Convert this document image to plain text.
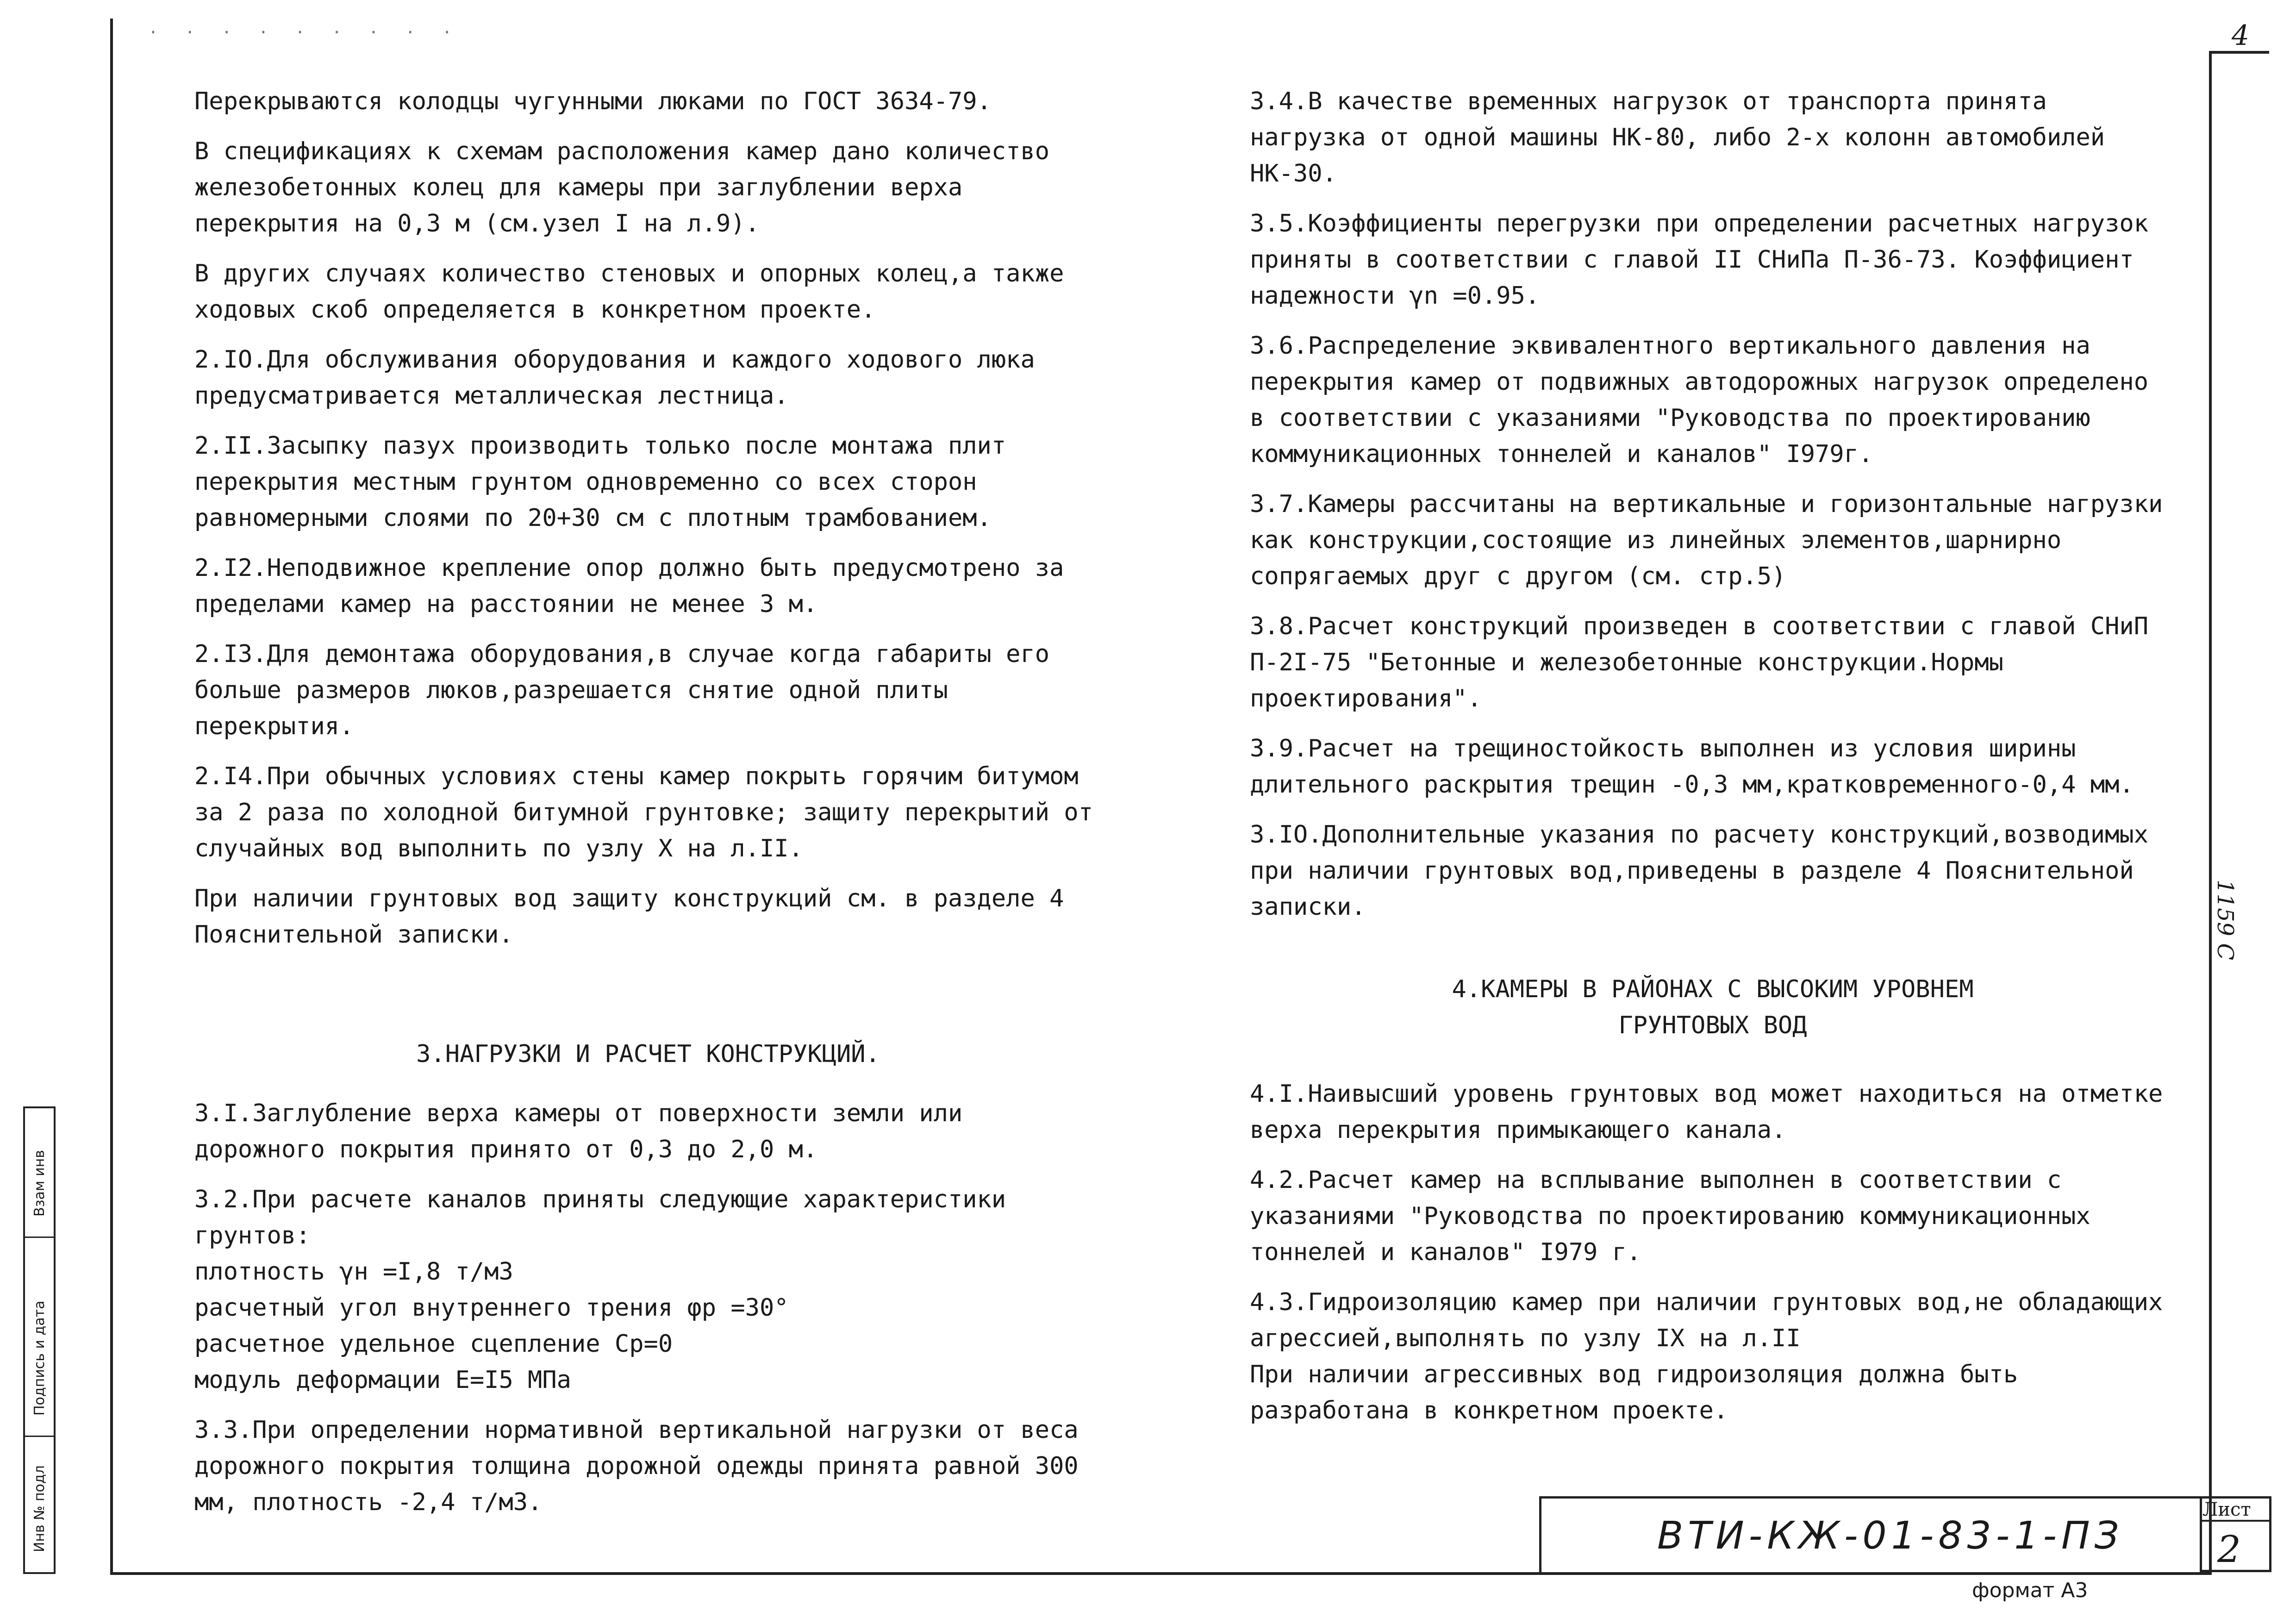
. . . . . . . . .	4
1159 C
Взам инв
Подпись и дата
Инв № подл

Перекрываются колодцы чугунными люками по ГОСТ 3634-79.

В спецификациях к схемам расположения камер дано количество железобетонных колец для камеры при заглублении верха перекрытия на 0,3 м (см.узел I на л.9).

В других случаях количество стеновых и опорных колец,а также ходовых скоб определяется в конкретном проекте.

2.IO.Для обслуживания оборудования и каждого ходового люка предусматривается металлическая лестница.

2.II.Засыпку пазух производить только после монтажа плит перекрытия местным грунтом одновременно со всех сторон равномерными слоями по 20+30 см с плотным трамбованием.

2.I2.Неподвижное крепление опор должно быть предусмотрено за пределами камер на расстоянии не менее 3 м.

2.I3.Для демонтажа оборудования,в случае когда габариты его больше размеров люков,разрешается снятие одной плиты перекрытия.

2.I4.При обычных условиях стены камер покрыть горячим битумом за 2 раза по холодной битумной грунтовке; защиту перекрытий от случайных вод выполнить по узлу X на л.II.

При наличии грунтовых вод защиту конструкций см. в разделе 4 Пояснительной записки.

3.НАГРУЗКИ И РАСЧЕТ КОНСТРУКЦИЙ.

3.I.Заглубление верха камеры от поверхности земли или дорожного покрытия принято от 0,3 до 2,0 м.

3.2.При расчете каналов приняты следующие характеристики грунтов:
плотность γн =I,8 т/м3
расчетный угол внутреннего трения φр =30°
расчетное удельное сцепление Ср=0
модуль деформации E=I5 МПа

3.3.При определении нормативной вертикальной нагрузки от веса дорожного покрытия толщина дорожной одежды принята равной 300 мм, плотность -2,4 т/м3.

3.4.В качестве временных нагрузок от транспорта принята нагрузка от одной машины НК-80, либо 2-х колонн автомобилей НК-30.

3.5.Коэффициенты перегрузки при определении расчетных нагрузок приняты в соответствии с главой II СНиПа П-36-73. Коэффициент надежности γn =0.95.

3.6.Распределение эквивалентного вертикального давления на перекрытия камер от подвижных автодорожных нагрузок определено в соответствии с указаниями "Руководства по проектированию коммуникационных тоннелей и каналов" I979г.

3.7.Камеры рассчитаны на вертикальные и горизонтальные нагрузки как конструкции,состоящие из линейных элементов,шарнирно сопрягаемых друг с другом (см. стр.5)

3.8.Расчет конструкций произведен в соответствии с главой СНиП П-2I-75 "Бетонные и железобетонные конструкции.Нормы проектирования".

3.9.Расчет на трещиностойкость выполнен из условия ширины длительного раскрытия трещин -0,3 мм,кратковременного-0,4 мм.

3.IO.Дополнительные указания по расчету конструкций,возводимых при наличии грунтовых вод,приведены в разделе 4 Пояснительной записки.

4.КАМЕРЫ В РАЙОНАХ С ВЫСОКИМ УРОВНЕМ
ГРУНТОВЫХ ВОД

4.I.Наивысший уровень грунтовых вод может находиться на отметке верха перекрытия примыкающего канала.

4.2.Расчет камер на всплывание выполнен в соответствии с указаниями "Руководства по проектированию коммуникационных тоннелей и каналов" I979 г.

4.3.Гидроизоляцию камер при наличии грунтовых вод,не обладающих агрессией,выполнять по узлу IX на л.II
При наличии агрессивных вод гидроизоляция должна быть разработана в конкретном проекте.

ВТИ-КЖ-01-83-1-ПЗ
Лист
2
формат А3
